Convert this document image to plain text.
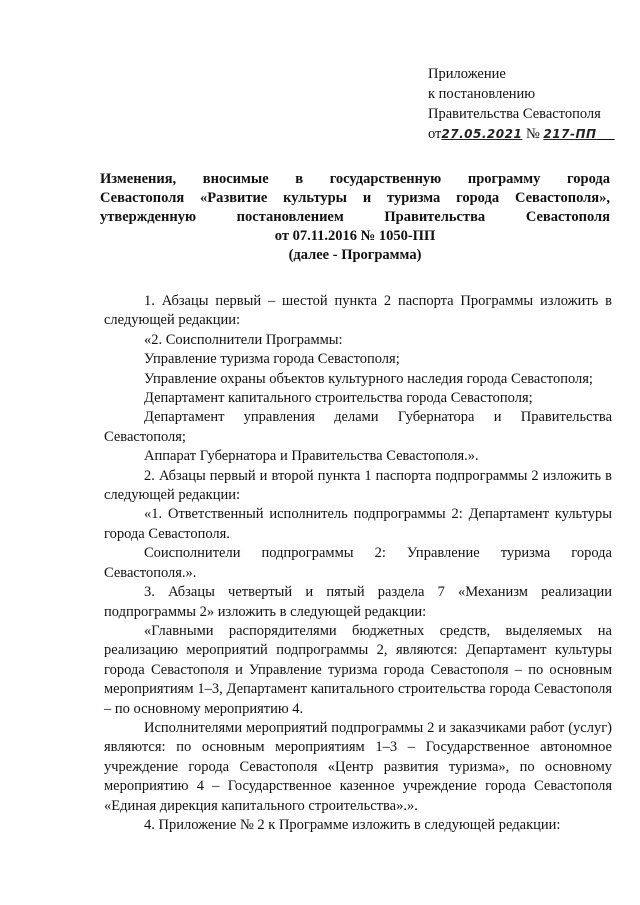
Приложение
к постановлению
Правительства Севастополя
от27.05.2021 № 217-ПП
Изменения, вносимые в государственную программу города
Севастополя «Развитие культуры и туризма города Севастополя»,
утвержденную постановлением Правительства Севастополя
от 07.11.2016 № 1050-ПП
(далее - Программа)

1. Абзацы первый – шестой пункта 2 паспорта Программы изложить в следующей редакции:

«2. Соисполнители Программы:

Управление туризма города Севастополя;

Управление охраны объектов культурного наследия города Севастополя;

Департамент капитального строительства города Севастополя;

Департамент управления делами Губернатора и Правительства Севастополя;

Аппарат Губернатора и Правительства Севастополя.».

2. Абзацы первый и второй пункта 1 паспорта подпрограммы 2 изложить в следующей редакции:

«1. Ответственный исполнитель подпрограммы 2: Департамент культуры города Севастополя.

Соисполнители подпрограммы 2: Управление туризма города Севастополя.».

3. Абзацы четвертый и пятый раздела 7 «Механизм реализации подпрограммы 2» изложить в следующей редакции:

«Главными распорядителями бюджетных средств, выделяемых на реализацию мероприятий подпрограммы 2, являются: Департамент культуры города Севастополя и Управление туризма города Севастополя – по основным мероприятиям 1–3, Департамент капитального строительства города Севастополя – по основному мероприятию 4.

Исполнителями мероприятий подпрограммы 2 и заказчиками работ (услуг) являются: по основным мероприятиям 1–3 – Государственное автономное учреждение города Севастополя «Центр развития туризма», по основному мероприятию 4 – Государственное казенное учреждение города Севастополя «Единая дирекция капитального строительства».».

4. Приложение № 2 к Программе изложить в следующей редакции:
